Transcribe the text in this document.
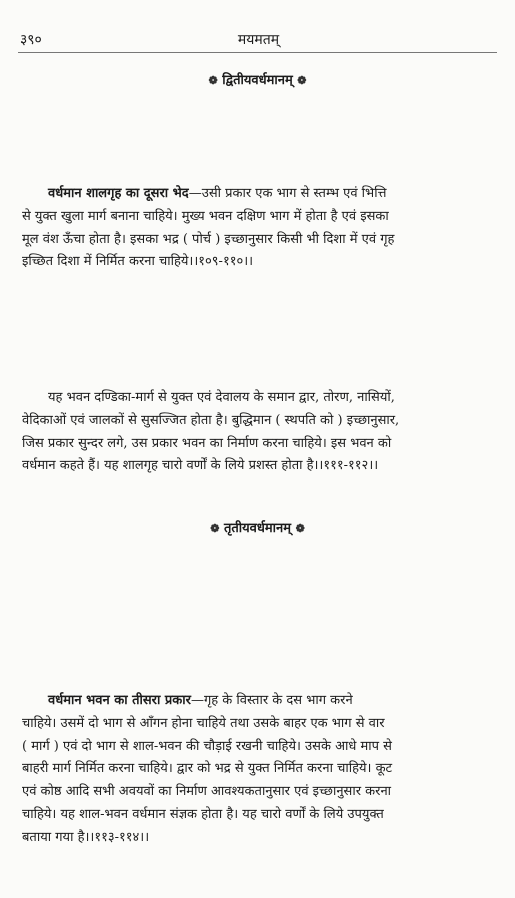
३९०	मयमतम्
❁ द्वितीयवर्धमानम् ❁
वर्धमान शालगृह का दूसरा भेद—उसी प्रकार एक भाग से स्तम्भ एवं भित्ति
से युक्त खुला मार्ग बनाना चाहिये। मुख्य भवन दक्षिण भाग में होता है एवं इसका
मूल वंश ऊँचा होता है। इसका भद्र ( पोर्च ) इच्छानुसार किसी भी दिशा में एवं गृह
इच्छित दिशा में निर्मित करना चाहिये।।१०९-११०।।
यह भवन दण्डिका-मार्ग से युक्त एवं देवालय के समान द्वार, तोरण, नासियों,
वेदिकाओं एवं जालकों से सुसज्जित होता है। बुद्धिमान ( स्थपति को ) इच्छानुसार,
जिस प्रकार सुन्दर लगे, उस प्रकार भवन का निर्माण करना चाहिये। इस भवन को
वर्धमान कहते हैं। यह शालगृह चारो वर्णों के लिये प्रशस्त होता है।।१११-११२।।
❁ तृतीयवर्धमानम् ❁
वर्धमान भवन का तीसरा प्रकार—गृह के विस्तार के दस भाग करने
चाहिये। उसमें दो भाग से आँगन होना चाहिये तथा उसके बाहर एक भाग से वार
( मार्ग ) एवं दो भाग से शाल-भवन की चौड़ाई रखनी चाहिये। उसके आधे माप से
बाहरी मार्ग निर्मित करना चाहिये। द्वार को भद्र से युक्त निर्मित करना चाहिये। कूट
एवं कोष्ठ आदि सभी अवयवों का निर्माण आवश्यकतानुसार एवं इच्छानुसार करना
चाहिये। यह शाल-भवन वर्धमान संज्ञक होता है। यह चारो वर्णों के लिये उपयुक्त
बताया गया है।।११३-११४।।
